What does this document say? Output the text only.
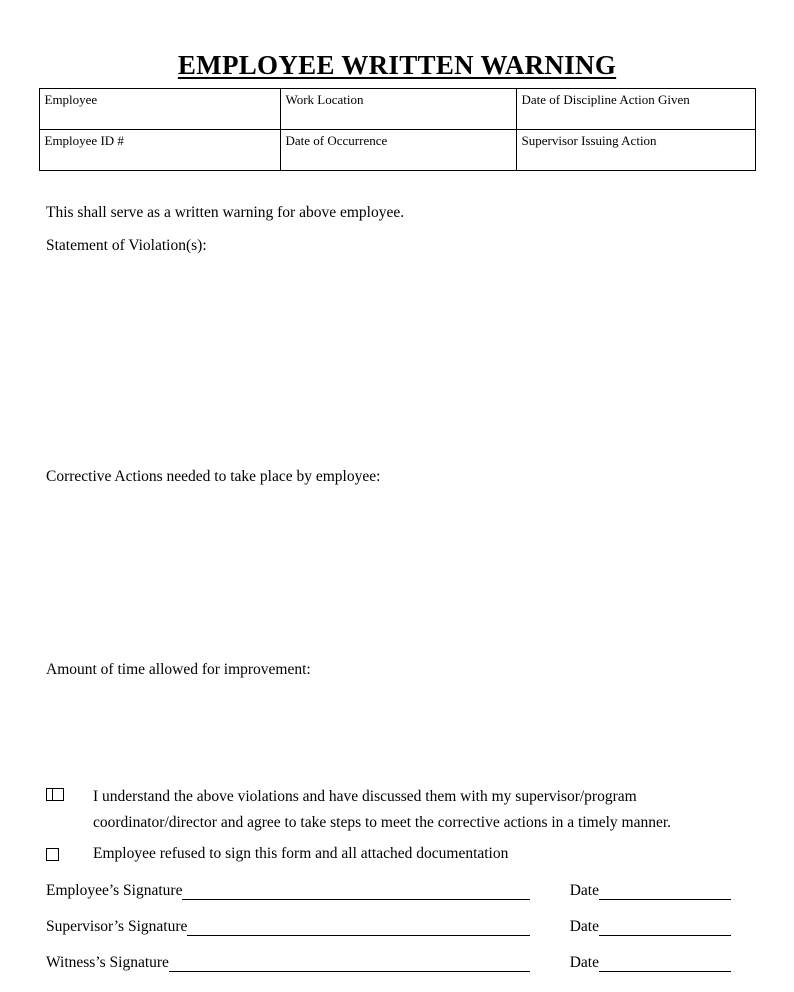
EMPLOYEE WRITTEN WARNING
Employee	Work Location	Date of Discipline Action Given
Employee ID #	Date of Occurrence	Supervisor Issuing Action
This shall serve as a written warning for above employee.
Statement of Violation(s):
Corrective Actions needed to take place by employee:
Amount of time allowed for improvement:
I understand the above violations and have discussed them with my supervisor/program
coordinator/director and agree to take steps to meet the corrective actions in a timely manner.
Employee refused to sign this form and all attached documentation
Employee’s Signature	Date
Supervisor’s Signature	Date
Witness’s Signature	Date
